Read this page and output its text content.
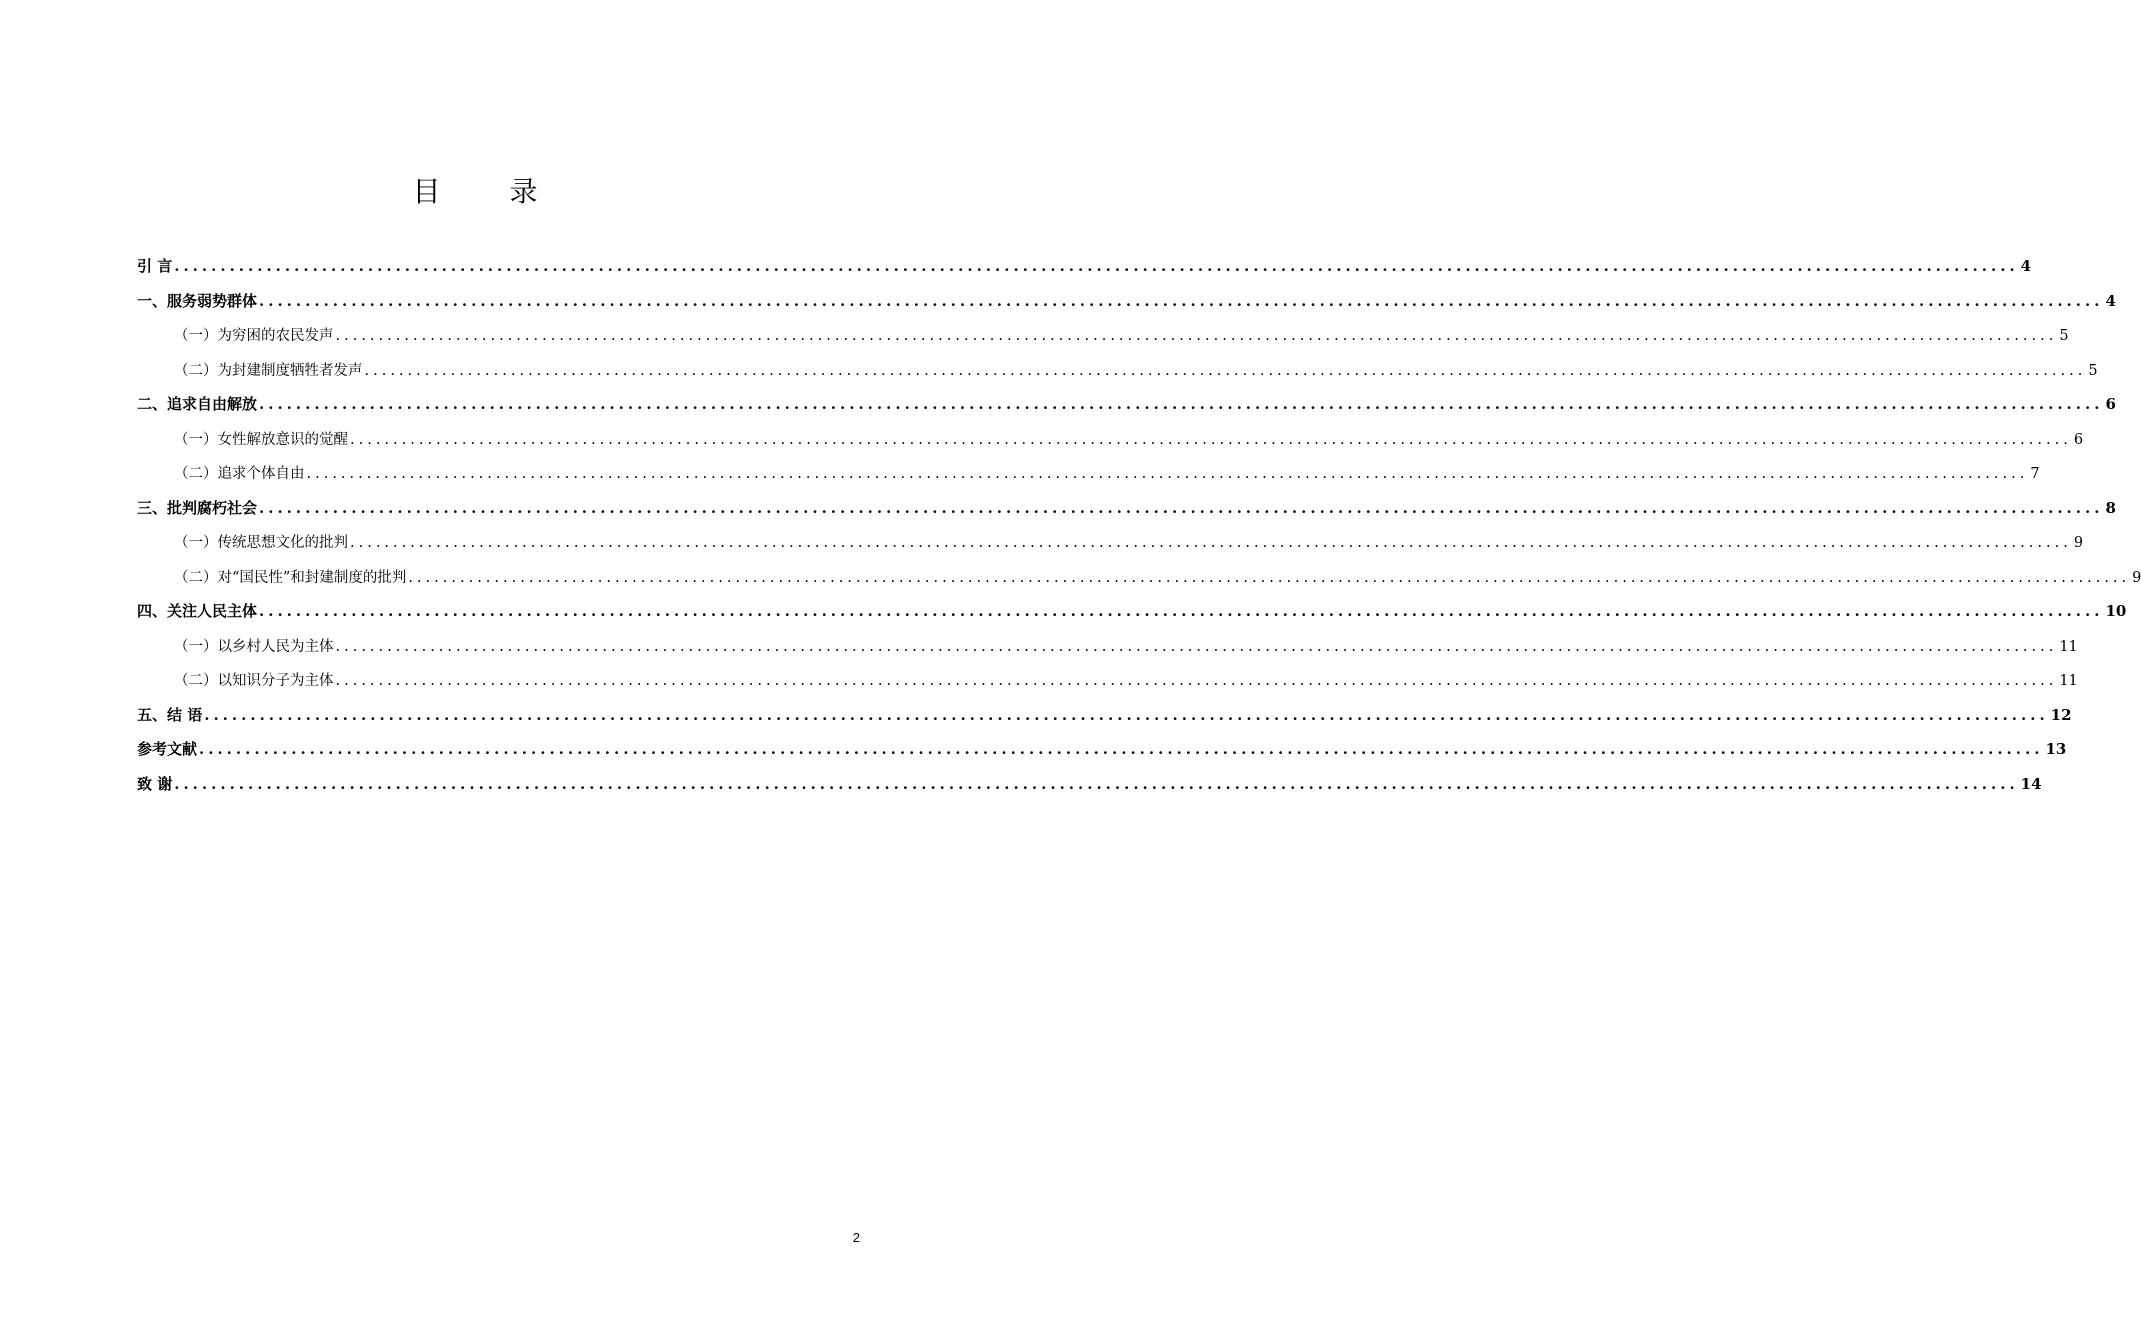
目 录
引 言 ........................................................................................................................................................................................................ 4
一、服务弱势群体 ........................................................................................................................................................................................................ 4
（一）为穷困的农民发声 ........................................................................................................................................................................................................ 5
（二）为封建制度牺牲者发声 ........................................................................................................................................................................................................ 5
二、追求自由解放 ........................................................................................................................................................................................................ 6
（一）女性解放意识的觉醒 ........................................................................................................................................................................................................ 6
（二）追求个体自由 ........................................................................................................................................................................................................ 7
三、批判腐朽社会 ........................................................................................................................................................................................................ 8
（一）传统思想文化的批判 ........................................................................................................................................................................................................ 9
（二）对“国民性”和封建制度的批判 ........................................................................................................................................................................................................ 9
四、关注人民主体 ........................................................................................................................................................................................................ 10
（一）以乡村人民为主体 ........................................................................................................................................................................................................ 11
（二）以知识分子为主体 ........................................................................................................................................................................................................ 11
五、结 语 ........................................................................................................................................................................................................ 12
参考文献 ........................................................................................................................................................................................................ 13
致 谢 ........................................................................................................................................................................................................ 14
2
